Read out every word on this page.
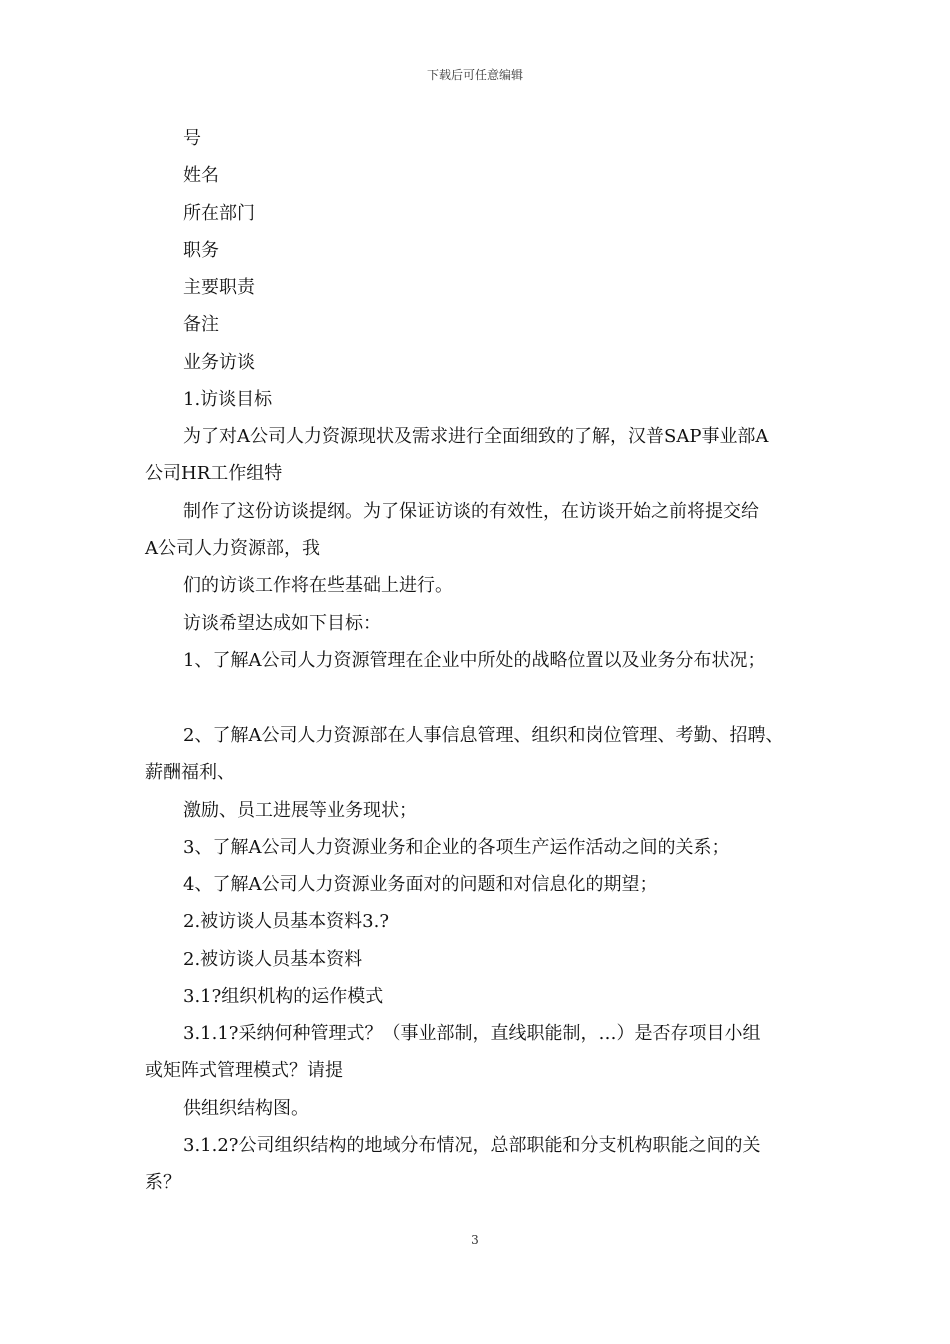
下载后可任意编辑
号
姓名
所在部门
职务
主要职责
备注
业务访谈
1.访谈目标
为了对A公司人力资源现状及需求进行全面细致的了解，汉普SAP事业部A
公司HR工作组特
制作了这份访谈提纲。为了保证访谈的有效性，在访谈开始之前将提交给
A公司人力资源部，我
们的访谈工作将在些基础上进行。
访谈希望达成如下目标：
1、了解A公司人力资源管理在企业中所处的战略位置以及业务分布状况；
2、了解A公司人力资源部在人事信息管理、组织和岗位管理、考勤、招聘、
薪酬福利、
激励、员工进展等业务现状；
3、了解A公司人力资源业务和企业的各项生产运作活动之间的关系；
4、了解A公司人力资源业务面对的问题和对信息化的期望；
2.被访谈人员基本资料3.?
2.被访谈人员基本资料
3.1?组织机构的运作模式
3.1.1?采纳何种管理式？（事业部制，直线职能制，…）是否存项目小组
或矩阵式管理模式？请提
供组织结构图。
3.1.2?公司组织结构的地域分布情况，总部职能和分支机构职能之间的关
系？
3
